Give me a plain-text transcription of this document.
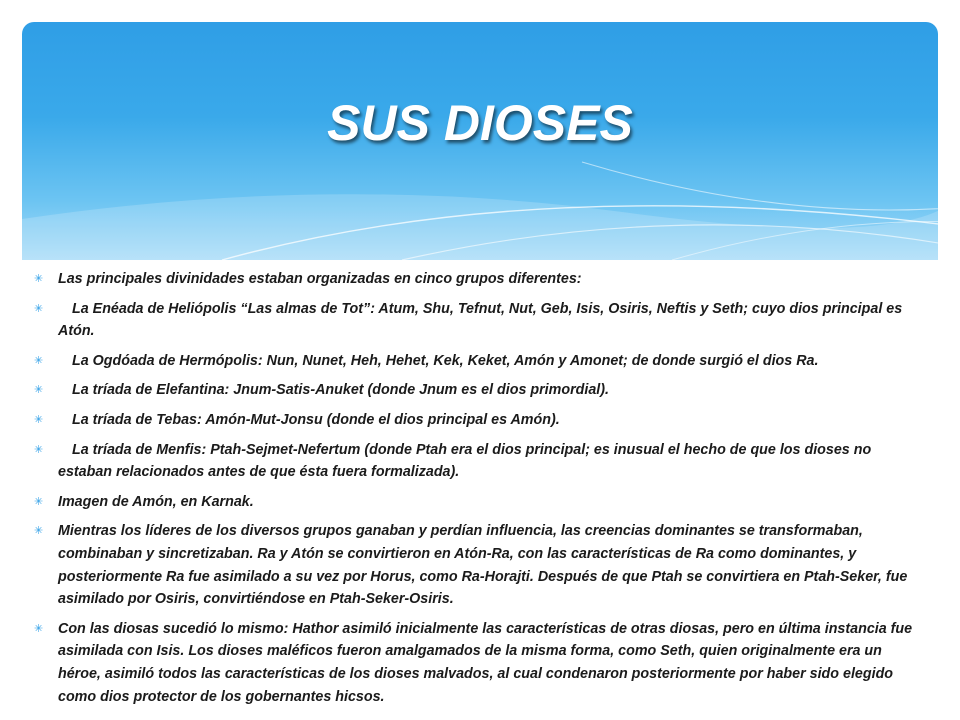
SUS DIOSES
✳ Las principales divinidades estaban organizadas en cinco grupos diferentes:
✳ La Enéada de Heliópolis “Las almas de Tot”: Atum, Shu, Tefnut, Nut, Geb, Isis, Osiris, Neftis y Seth; cuyo dios principal es Atón.
✳ La Ogdóada de Hermópolis: Nun, Nunet, Heh, Hehet, Kek, Keket, Amón y Amonet; de donde surgió el dios Ra.
✳ La tríada de Elefantina: Jnum-Satis-Anuket (donde Jnum es el dios primordial).
✳ La tríada de Tebas: Amón-Mut-Jonsu (donde el dios principal es Amón).
✳ La tríada de Menfis: Ptah-Sejmet-Nefertum (donde Ptah era el dios principal; es inusual el hecho de que los dioses no estaban relacionados antes de que ésta fuera formalizada).
✳ Imagen de Amón, en Karnak.
✳ Mientras los líderes de los diversos grupos ganaban y perdían influencia, las creencias dominantes se transformaban, combinaban y sincretizaban. Ra y Atón se convirtieron en Atón-Ra, con las características de Ra como dominantes, y posteriormente Ra fue asimilado a su vez por Horus, como Ra-Horajti. Después de que Ptah se convirtiera en Ptah-Seker, fue asimilado por Osiris, convirtiéndose en Ptah-Seker-Osiris.
✳ Con las diosas sucedió lo mismo: Hathor asimiló inicialmente las características de otras diosas, pero en última instancia fue asimilada con Isis. Los dioses maléficos fueron amalgamados de la misma forma, como Seth, quien originalmente era un héroe, asimiló todos las características de los dioses malvados, al cual condenaron posteriormente por haber sido elegido como dios protector de los gobernantes hicsos.
